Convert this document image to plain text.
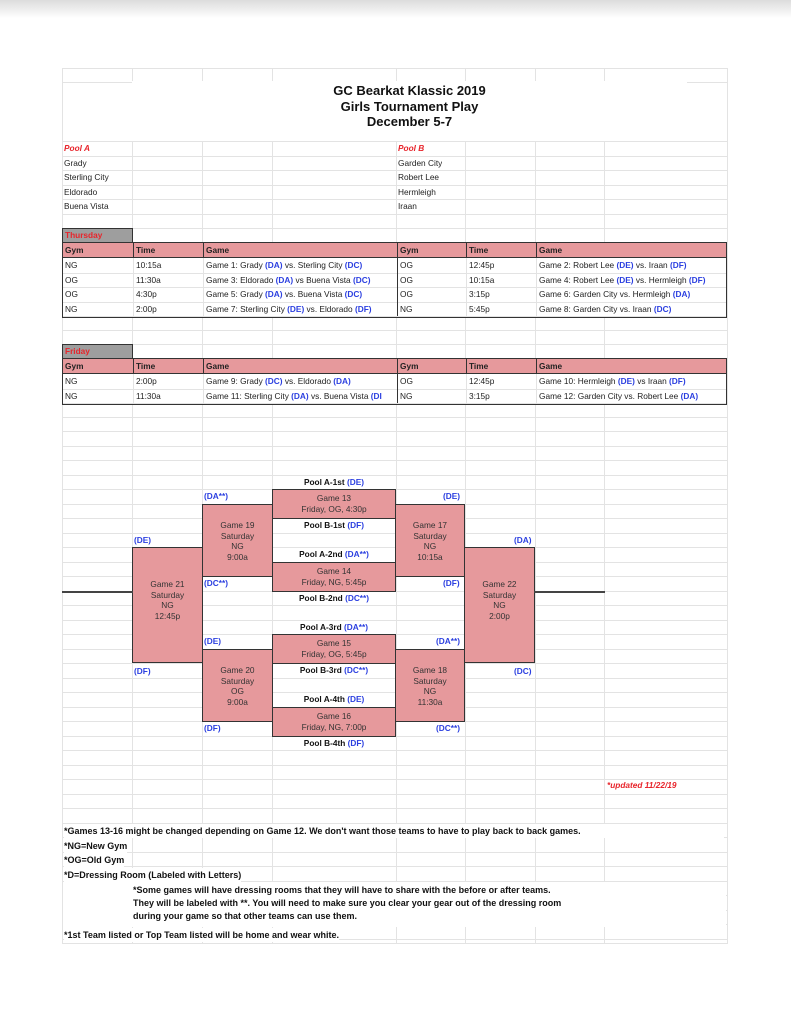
GC Bearkat Klassic 2019
Girls Tournament Play
December 5-7
Pool A
Grady
Sterling City
Eldorado
Buena Vista
Pool B
Garden City
Robert Lee
Hermleigh
Iraan
Thursday
Gym	Time	Game	Gym	Time	Game
NG	10:15a	Game 1: Grady (DA) vs. Sterling City (DC)	OG	12:45p	Game 2: Robert Lee (DE) vs. Iraan (DF)
OG	11:30a	Game 3: Eldorado (DA) vs Buena Vista (DC)	OG	10:15a	Game 4: Robert Lee (DE) vs. Hermleigh (DF)
OG	4:30p	Game 5: Grady (DA) vs. Buena Vista (DC)	OG	3:15p	Game 6: Garden City vs. Hermleigh (DA)
NG	2:00p	Game 7: Sterling City (DE) vs. Eldorado (DF)	NG	5:45p	Game 8: Garden City vs. Iraan (DC)
Friday
Gym	Time	Game	Gym	Time	Game
NG	2:00p	Game 9: Grady (DC) vs. Eldorado (DA)	OG	12:45p	Game 10: Hermleigh (DE) vs Iraan (DF)
NG	11:30a	Game 11: Sterling City (DA) vs. Buena Vista (DI	NG	3:15p	Game 12: Garden City vs. Robert Lee (DA)
Pool A-1st (DE)
Pool B-1st (DF)
Pool A-2nd (DA**)
Pool B-2nd (DC**)
Pool A-3rd (DA**)
Pool B-3rd (DC**)
Pool A-4th (DE)
Pool B-4th (DF)
Game 13
Friday, OG, 4:30p
Game 14
Friday, NG, 5:45p
Game 15
Friday, OG, 5:45p
Game 16
Friday, NG, 7:00p
Game 19
Saturday
NG
9:00a
Game 17
Saturday
NG
10:15a
Game 20
Saturday
OG
9:00a
Game 18
Saturday
NG
11:30a
Game 21
Saturday
NG
12:45p
Game 22
Saturday
NG
2:00p
(DA**)
(DC**)
(DE)
(DF)
(DE)
(DF)
(DA**)
(DC**)
(DE)
(DF)
(DA)
(DC)
*updated 11/22/19
*Games 13-16 might be changed depending on Game 12. We don't want those teams to have to play back to back games.
*NG=New Gym
*OG=Old Gym
*D=Dressing Room (Labeled with Letters)
*Some games will have dressing rooms that they will have to share with the before or after teams.
They will be labeled with **. You will need to make sure you clear your gear out of the dressing room
during your game so that other teams can use them.
*1st Team listed or Top Team listed will be home and wear white.
